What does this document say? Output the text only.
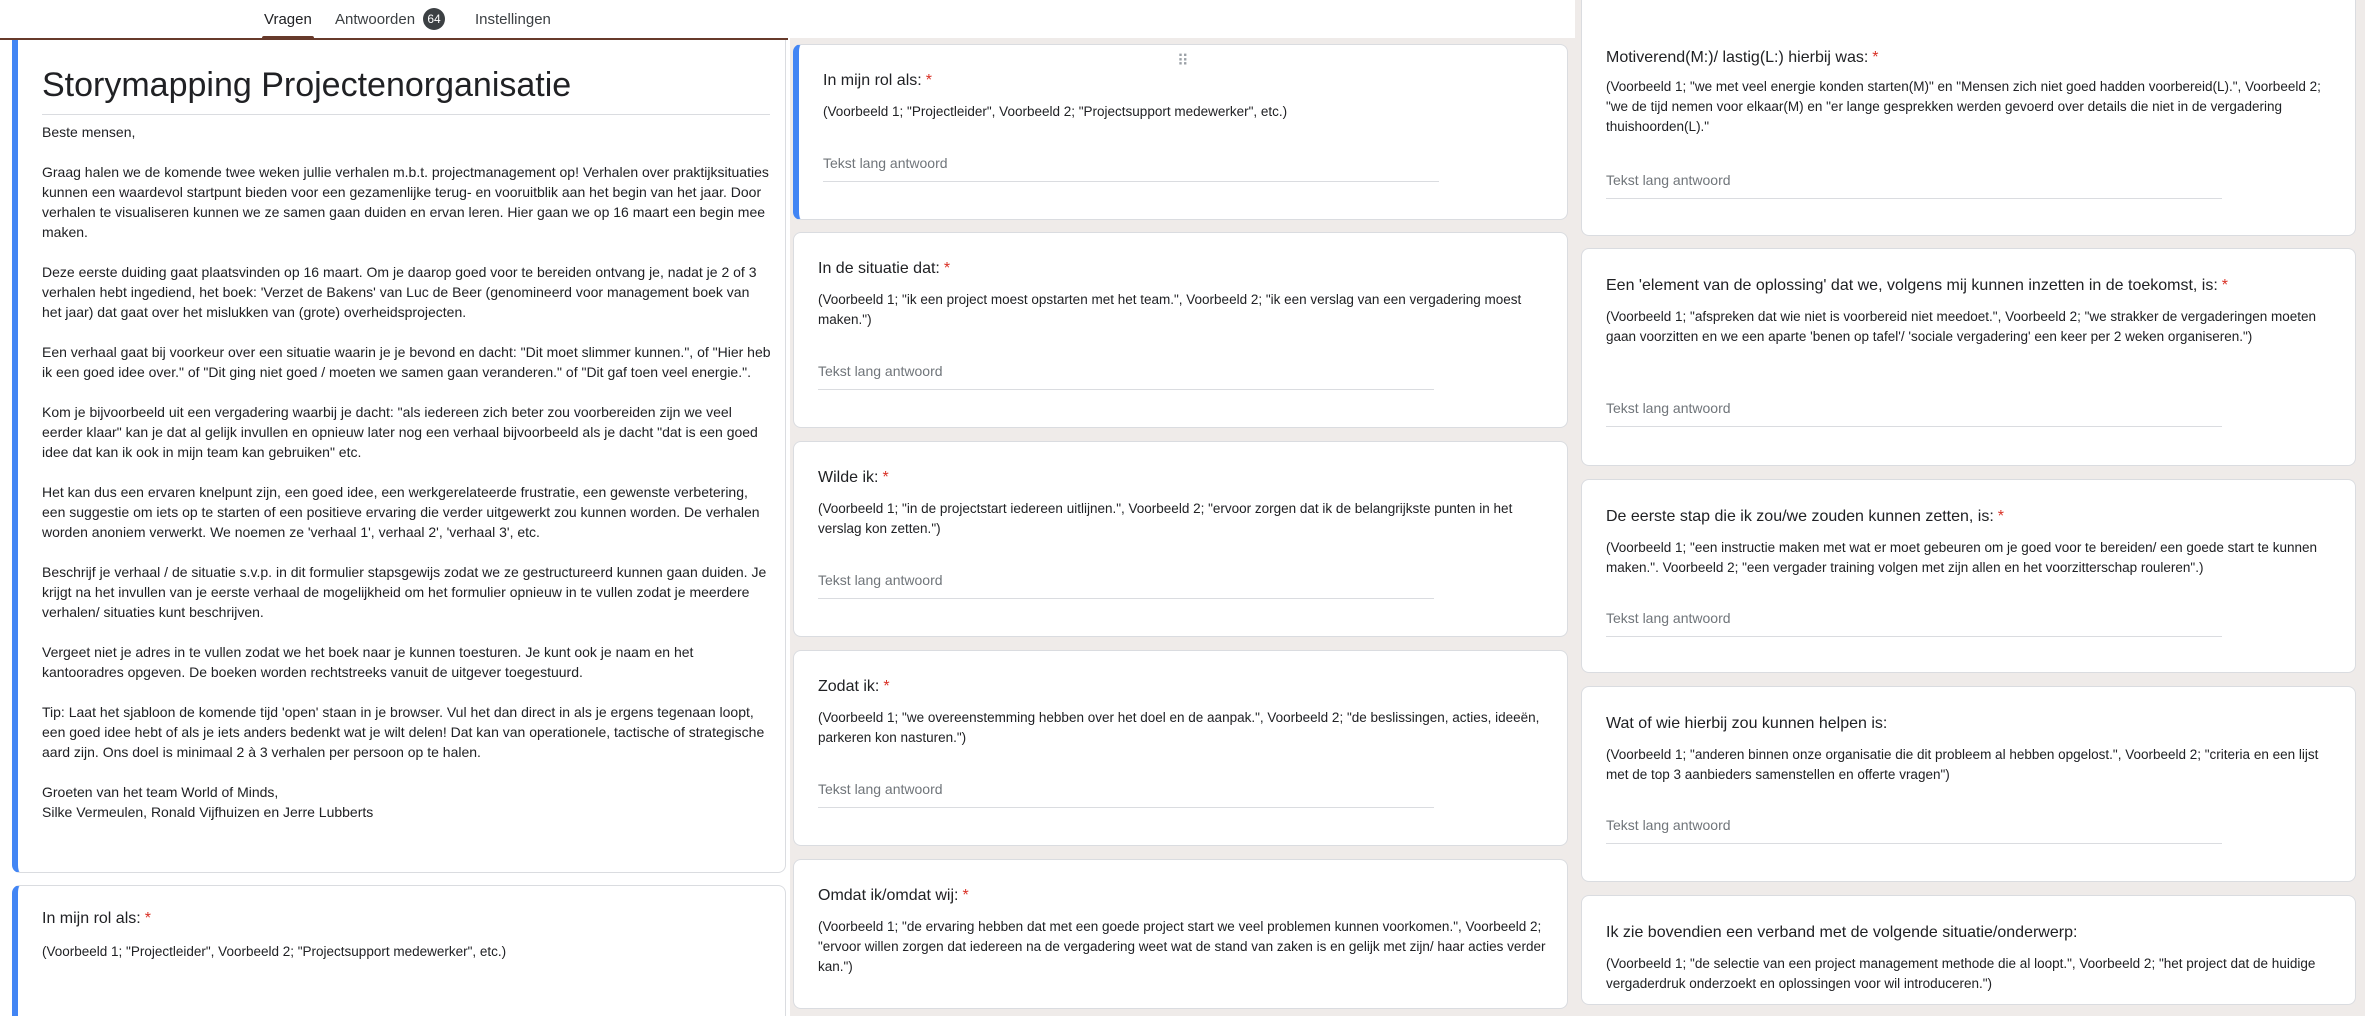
Vragen Antwoorden 64 Instellingen
Storymapping Projectenorganisatie

Beste mensen,

Graag halen we de komende twee weken jullie verhalen m.b.t. projectmanagement op! Verhalen over praktijksituaties kunnen een waardevol startpunt bieden voor een gezamenlijke terug- en vooruitblik aan het begin van het jaar. Door verhalen te visualiseren kunnen we ze samen gaan duiden en ervan leren. Hier gaan we op 16 maart een begin mee maken.

Deze eerste duiding gaat plaatsvinden op 16 maart. Om je daarop goed voor te bereiden ontvang je, nadat je 2 of 3 verhalen hebt ingediend, het boek: 'Verzet de Bakens' van Luc de Beer (genomineerd voor management boek van het jaar) dat gaat over het mislukken van (grote) overheidsprojecten.

Een verhaal gaat bij voorkeur over een situatie waarin je je bevond en dacht: "Dit moet slimmer kunnen.", of "Hier heb ik een goed idee over." of "Dit ging niet goed / moeten we samen gaan veranderen." of "Dit gaf toen veel energie.".

Kom je bijvoorbeeld uit een vergadering waarbij je dacht: "als iedereen zich beter zou voorbereiden zijn we veel eerder klaar" kan je dat al gelijk invullen en opnieuw later nog een verhaal bijvoorbeeld als je dacht "dat is een goed idee dat kan ik ook in mijn team kan gebruiken" etc.

Het kan dus een ervaren knelpunt zijn, een goed idee, een werkgerelateerde frustratie, een gewenste verbetering, een suggestie om iets op te starten of een positieve ervaring die verder uitgewerkt zou kunnen worden. De verhalen worden anoniem verwerkt. We noemen ze 'verhaal 1', verhaal 2', 'verhaal 3', etc.

Beschrijf je verhaal / de situatie s.v.p. in dit formulier stapsgewijs zodat we ze gestructureerd kunnen gaan duiden. Je krijgt na het invullen van je eerste verhaal de mogelijkheid om het formulier opnieuw in te vullen zodat je meerdere verhalen/ situaties kunt beschrijven.

Vergeet niet je adres in te vullen zodat we het boek naar je kunnen toesturen. Je kunt ook je naam en het kantooradres opgeven. De boeken worden rechtstreeks vanuit de uitgever toegestuurd.

Tip: Laat het sjabloon de komende tijd 'open' staan in je browser. Vul het dan direct in als je ergens tegenaan loopt, een goed idee hebt of als je iets anders bedenkt wat je wilt delen! Dat kan van operationele, tactische of strategische aard zijn. Ons doel is minimaal 2 à 3 verhalen per persoon op te halen.

Groeten van het team World of Minds,
Silke Vermeulen, Ronald Vijfhuizen en Jerre Lubberts

In mijn rol als: *
(Voorbeeld 1; "Projectleider", Voorbeeld 2; "Projectsupport medewerker", etc.)
⠿
In mijn rol als: *
(Voorbeeld 1; "Projectleider", Voorbeeld 2; "Projectsupport medewerker", etc.)
Tekst lang antwoord
In de situatie dat: *
(Voorbeeld 1; "ik een project moest opstarten met het team.", Voorbeeld 2; "ik een verslag van een vergadering moest maken.")
Tekst lang antwoord
Wilde ik: *
(Voorbeeld 1; "in de projectstart iedereen uitlijnen.", Voorbeeld 2; "ervoor zorgen dat ik de belangrijkste punten in het verslag kon zetten.")
Tekst lang antwoord
Zodat ik: *
(Voorbeeld 1; "we overeenstemming hebben over het doel en de aanpak.", Voorbeeld 2; "de beslissingen, acties, ideeën, parkeren kon nasturen.")
Tekst lang antwoord
Omdat ik/omdat wij: *
(Voorbeeld 1; "de ervaring hebben dat met een goede project start we veel problemen kunnen voorkomen.", Voorbeeld 2; "ervoor willen zorgen dat iedereen na de vergadering weet wat de stand van zaken is en gelijk met zijn/ haar acties verder kan.")
Motiverend(M:)/ lastig(L:) hierbij was: *
(Voorbeeld 1; "we met veel energie konden starten(M)" en "Mensen zich niet goed hadden voorbereid(L).", Voorbeeld 2; "we de tijd nemen voor elkaar(M) en "er lange gesprekken werden gevoerd over details die niet in de vergadering thuishoorden(L)."
Tekst lang antwoord
Een 'element van de oplossing' dat we, volgens mij kunnen inzetten in de toekomst, is: *
(Voorbeeld 1; "afspreken dat wie niet is voorbereid niet meedoet.", Voorbeeld 2; "we strakker de vergaderingen moeten gaan voorzitten en we een aparte 'benen op tafel'/ 'sociale vergadering' een keer per 2 weken organiseren.")
Tekst lang antwoord
De eerste stap die ik zou/we zouden kunnen zetten, is: *
(Voorbeeld 1; "een instructie maken met wat er moet gebeuren om je goed voor te bereiden/ een goede start te kunnen maken.". Voorbeeld 2; "een vergader training volgen met zijn allen en het voorzitterschap rouleren".)
Tekst lang antwoord
Wat of wie hierbij zou kunnen helpen is:
(Voorbeeld 1; "anderen binnen onze organisatie die dit probleem al hebben opgelost.", Voorbeeld 2; "criteria en een lijst met de top 3 aanbieders samenstellen en offerte vragen")
Tekst lang antwoord
Ik zie bovendien een verband met de volgende situatie/onderwerp:
(Voorbeeld 1; "de selectie van een project management methode die al loopt.", Voorbeeld 2; "het project dat de huidige vergaderdruk onderzoekt en oplossingen voor wil introduceren.")
